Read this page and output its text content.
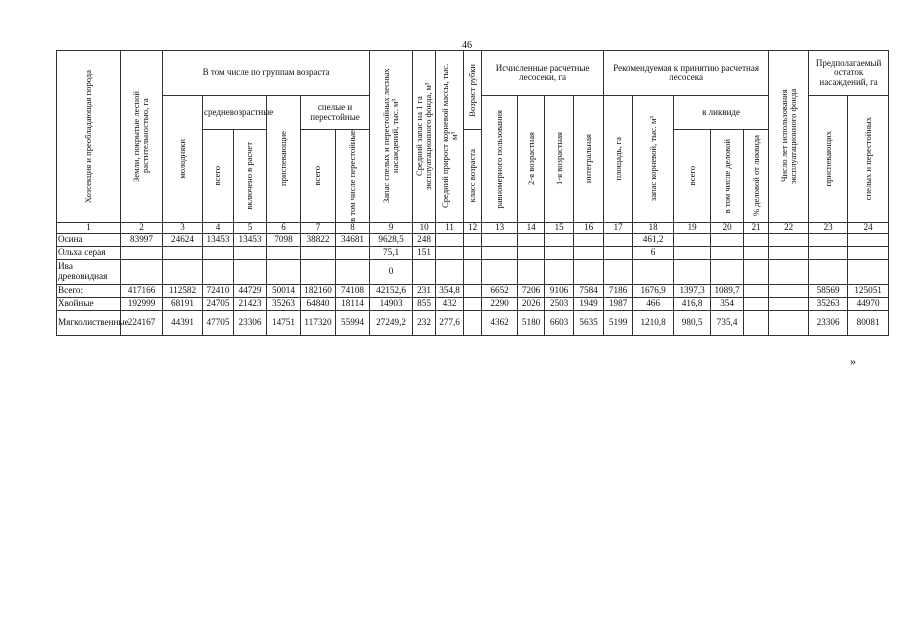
46
Хозсекция и преобладающая порода	Земли, покрытые лесной растительностью, га	В том числе по группам возраста						Запас спелых и перестойных лесных насаждений, тыс. м³	Средний запас на 1 га эксплуатационного фонда, м³	Средний прирост корневой массы, тыс. м³	Возраст рубки	Исчисленные расчетные лесосеки, га				Рекомендуемая к принятию расчетная лесосека					Число лет использования эксплуатационного фонда	Предполагаемый остаток насаждений, га	

		молодняки	средневозрастные		приспевающие	спелые и перестойные						равномерного пользования	2-я возрастная	1-я возрастная	интегральная	площадь, га	запас корневой, тыс. м³	в ликвиде				приспевающих	спелых и перестойных

			всего	включено в расчет		всего	в том числе перестойные				класс возраста							всего	в том числе деловой	% деловой от ликвида			

1	2	3	4	5	6	7	8	9	10	11	12	13	14	15	16	17	18	19	20	21	22	23	24
Осина	83997	24624	13453	13453	7098	38822	34681	9628,5	248								461,2						
Ольха серая								75,1	151								6						
Ива древовидная								0															
Всего:	417166	112582	72410	44729	50014	182160	74108	42152,6	231	354,8		6652	7206	9106	7584	7186	1676,9	1397,3	1089,7			58569	125051
Хвойные	192999	68191	24705	21423	35263	64840	18114	14903	855	432		2290	2026	2503	1949	1987	466	416,8	354			35263	44970
Мягколиственные	224167	44391	47705	23306	14751	117320	55994	27249,2	232	277,6		4362	5180	6603	5635	5199	1210,8	980,5	735,4			23306	80081
»
